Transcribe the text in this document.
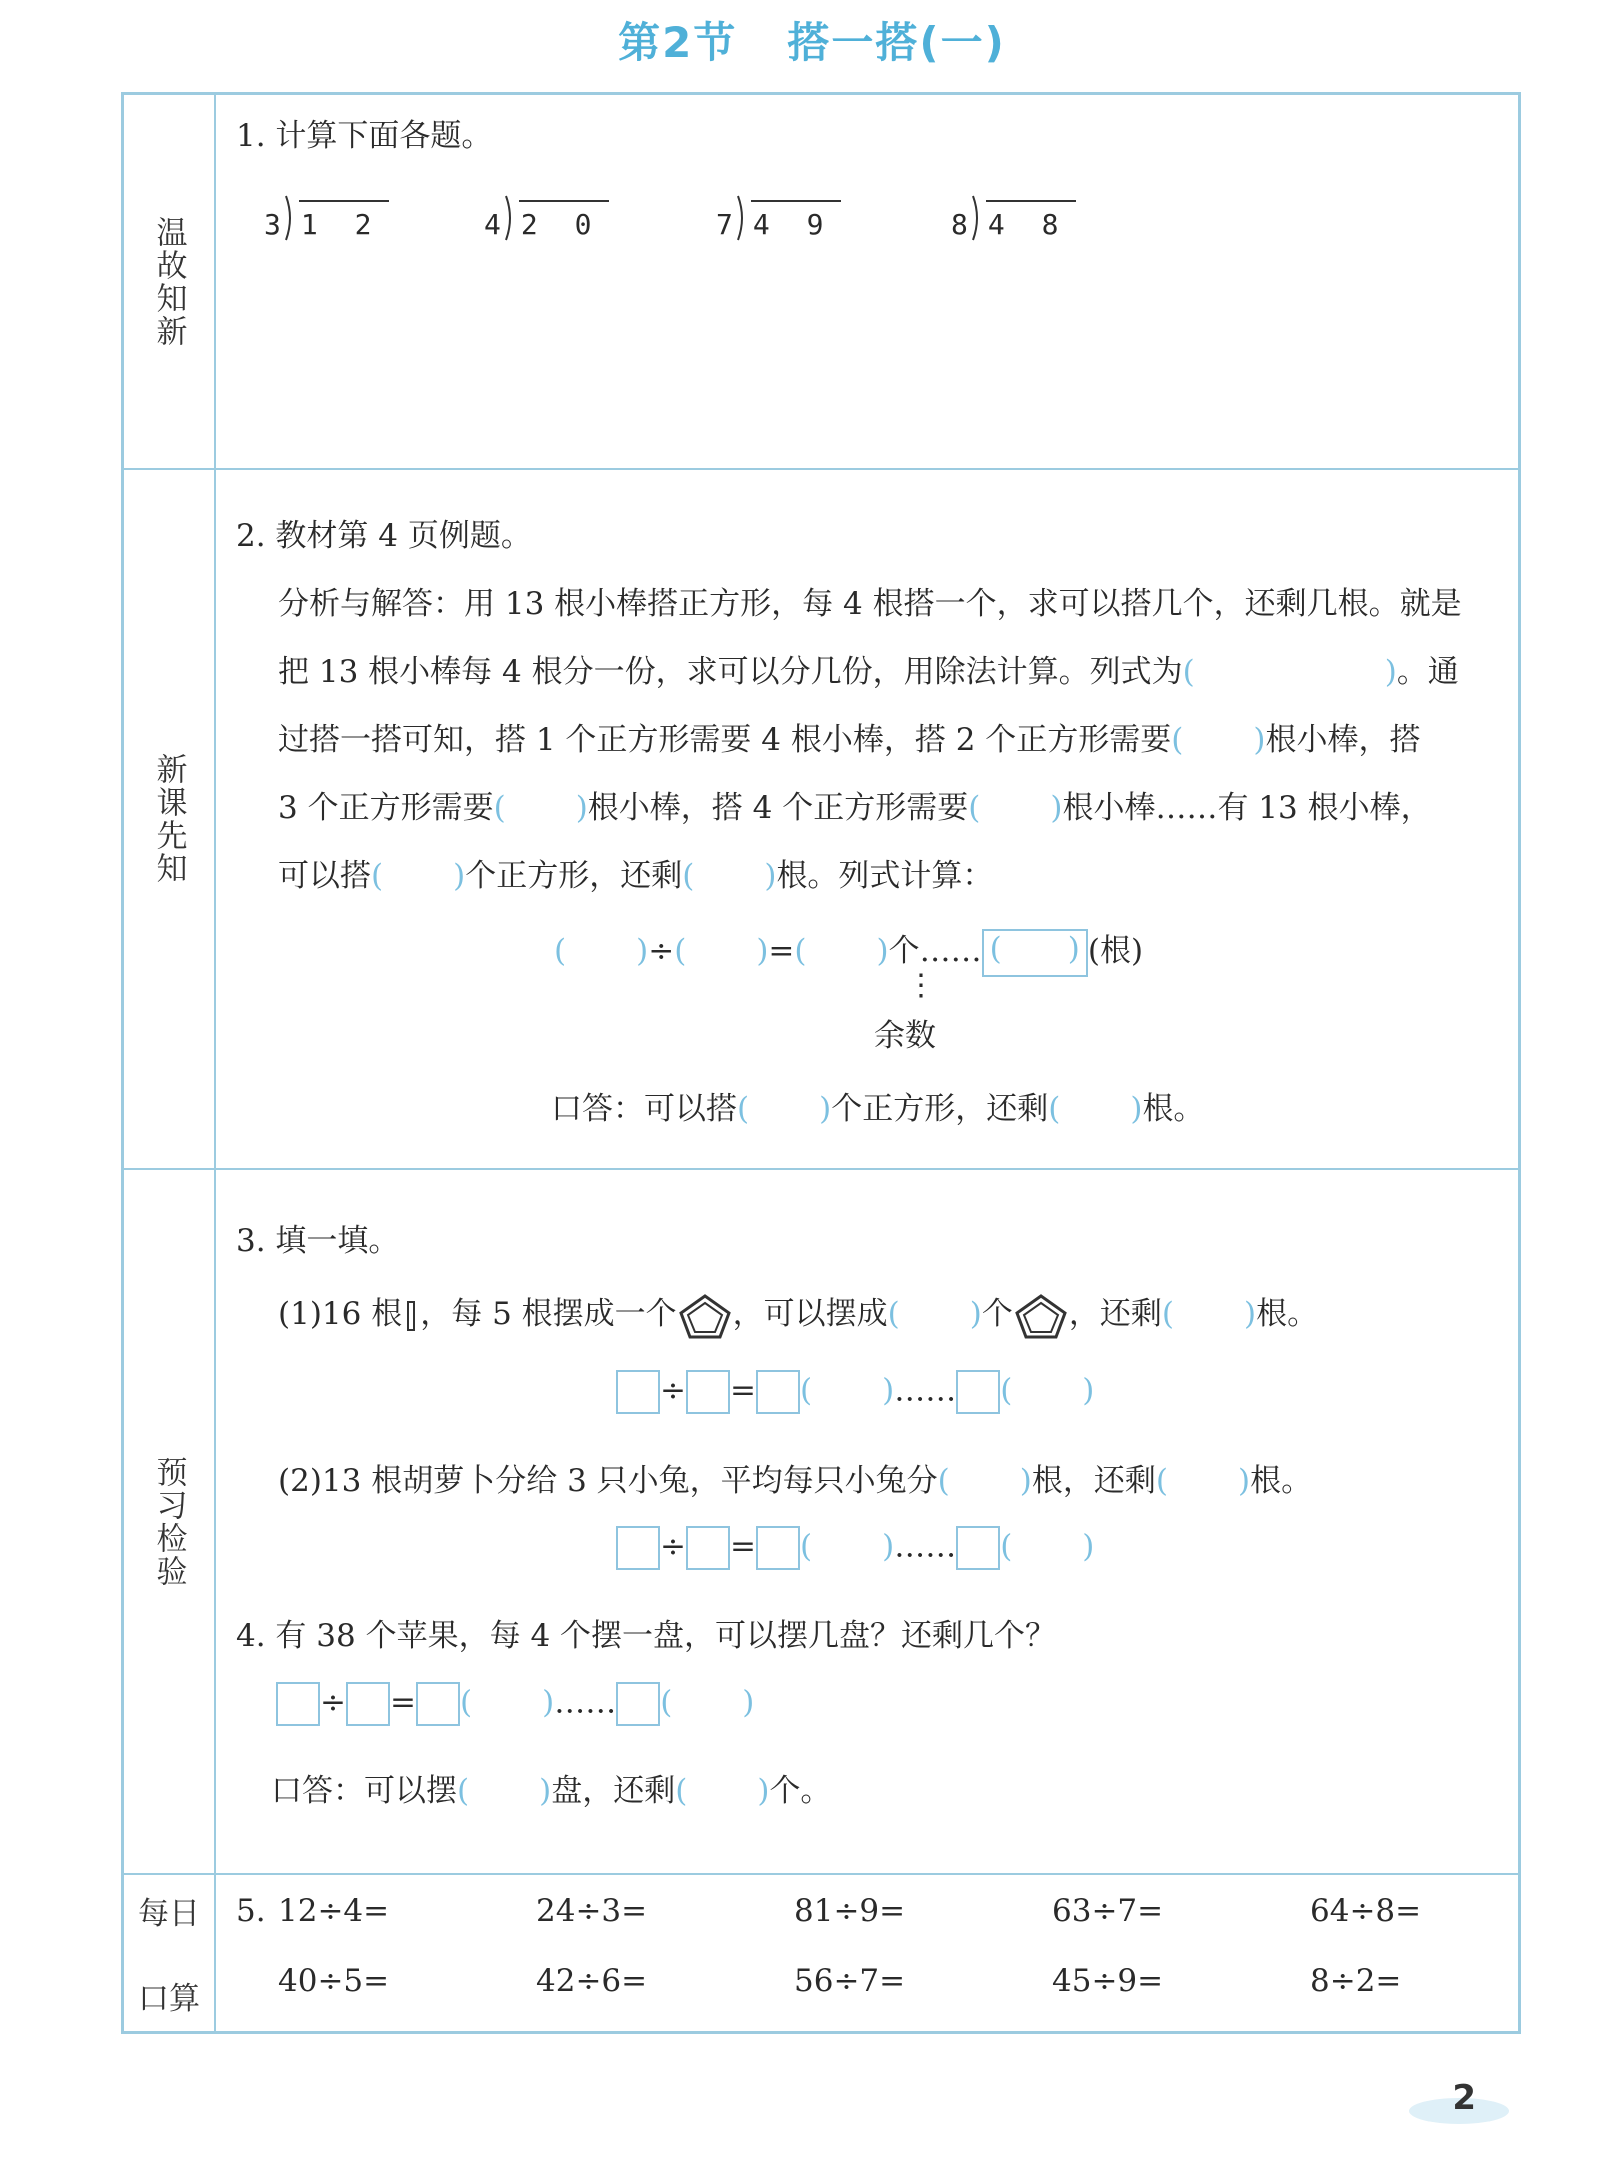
第2节 搭一搭(一)
温故知新
1. 计算下面各题。
3 1 2	4 2 0	7 4 9	8 4 8
新课先知
2. 教材第 4 页例题。
分析与解答：用 13 根小棒搭正方形，每 4 根搭一个，求可以搭几个，还剩几根。就是
把 13 根小棒每 4 根分一份，求可以分几份，用除法计算。列式为(	)。通
过搭一搭可知，搭 1 个正方形需要 4 根小棒，搭 2 个正方形需要( )根小棒，搭
3 个正方形需要( )根小棒，搭 4 个正方形需要( )根小棒……有 13 根小棒，
可以搭( )个正方形，还剩( )根。列式计算：
( )÷( )=( )个…… ( ) (根)
⋮
余数
口答：可以搭( )个正方形，还剩( )根。
预习检验
3. 填一填。
(1)16 根 ，每 5 根摆成一个 ，可以摆成( )个 ，还剩( )根。
÷ = ( )…… ( )
(2)13 根胡萝卜分给 3 只小兔，平均每只小兔分( )根，还剩( )根。
÷ = ( )…… ( )
4. 有 38 个苹果，每 4 个摆一盘，可以摆几盘？还剩几个？
÷ = ( )…… ( )
口答：可以摆( )盘，还剩( )个。
每日
口算
5. 12÷4=	24÷3=	81÷9=	63÷7=	64÷8=
40÷5=	42÷6=	56÷7=	45÷9=	8÷2=
2
